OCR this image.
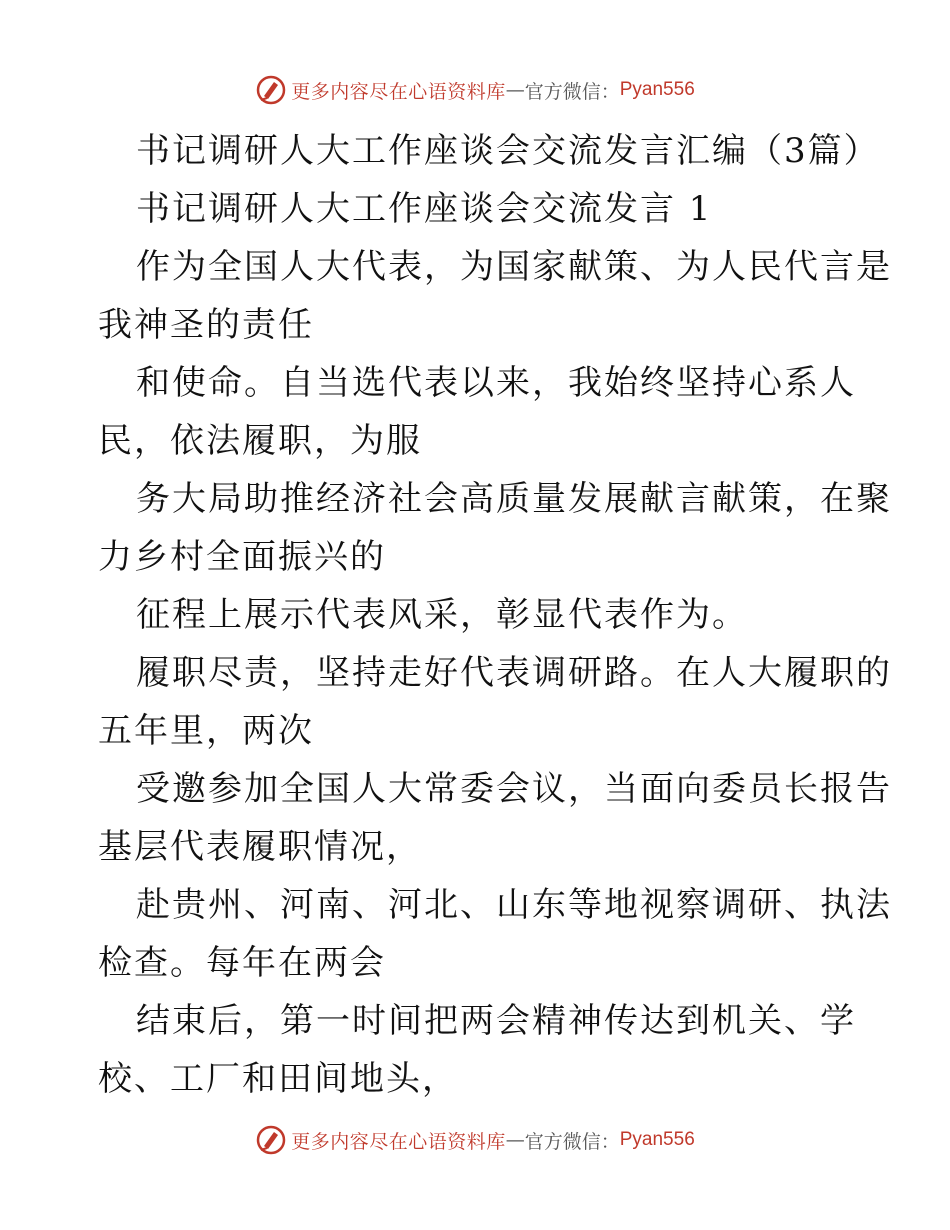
更多内容尽在心语资料库 — 官方微信： Pyan556
书记调研人大工作座谈会交流发言汇编（3篇）
书记调研人大工作座谈会交流发言 1
作为全国人大代表，为国家献策、为人民代言是
我神圣的责任
和使命。自当选代表以来，我始终坚持心系人
民，依法履职，为服
务大局助推经济社会高质量发展献言献策，在聚
力乡村全面振兴的
征程上展示代表风采，彰显代表作为。
履职尽责，坚持走好代表调研路。在人大履职的
五年里，两次
受邀参加全国人大常委会议，当面向委员长报告
基层代表履职情况，
赴贵州、河南、河北、山东等地视察调研、执法
检查。每年在两会
结束后，第一时间把两会精神传达到机关、学
校、工厂和田间地头，
更多内容尽在心语资料库 — 官方微信： Pyan556
